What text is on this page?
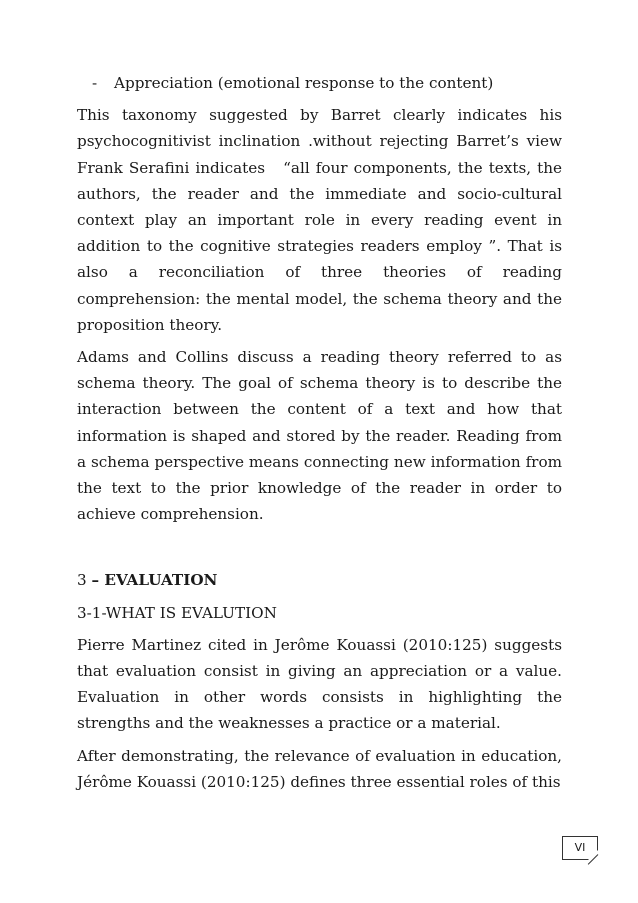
- Appreciation (emotional response to the content)

This taxonomy suggested by Barret clearly indicates his psychocognitivist inclination .without rejecting Barret’s view Frank Serafini indicates   “all four components, the texts, the authors, the reader and the immediate and socio-cultural context play an important role in every reading event in addition to the cognitive strategies readers employ ”. That is also a reconciliation of three theories of reading comprehension: the mental model, the schema theory and the proposition theory.

Adams and Collins discuss a reading theory referred to as schema theory. The goal of schema theory is to describe the interaction between the content of a text and how that information is shaped and stored by the reader. Reading from a schema perspective means connecting new information from the text to the prior knowledge of the reader in order to achieve comprehension.

3 – EVALUATION

3-1-WHAT IS EVALUTION

Pierre Martinez cited in Jerôme Kouassi (2010:125) suggests that evaluation consist in giving an appreciation or a value. Evaluation in other words consists in highlighting the strengths and the weaknesses a practice or a material.

After demonstrating, the relevance of evaluation in education, Jérôme Kouassi (2010:125) defines three essential roles of this

VI
